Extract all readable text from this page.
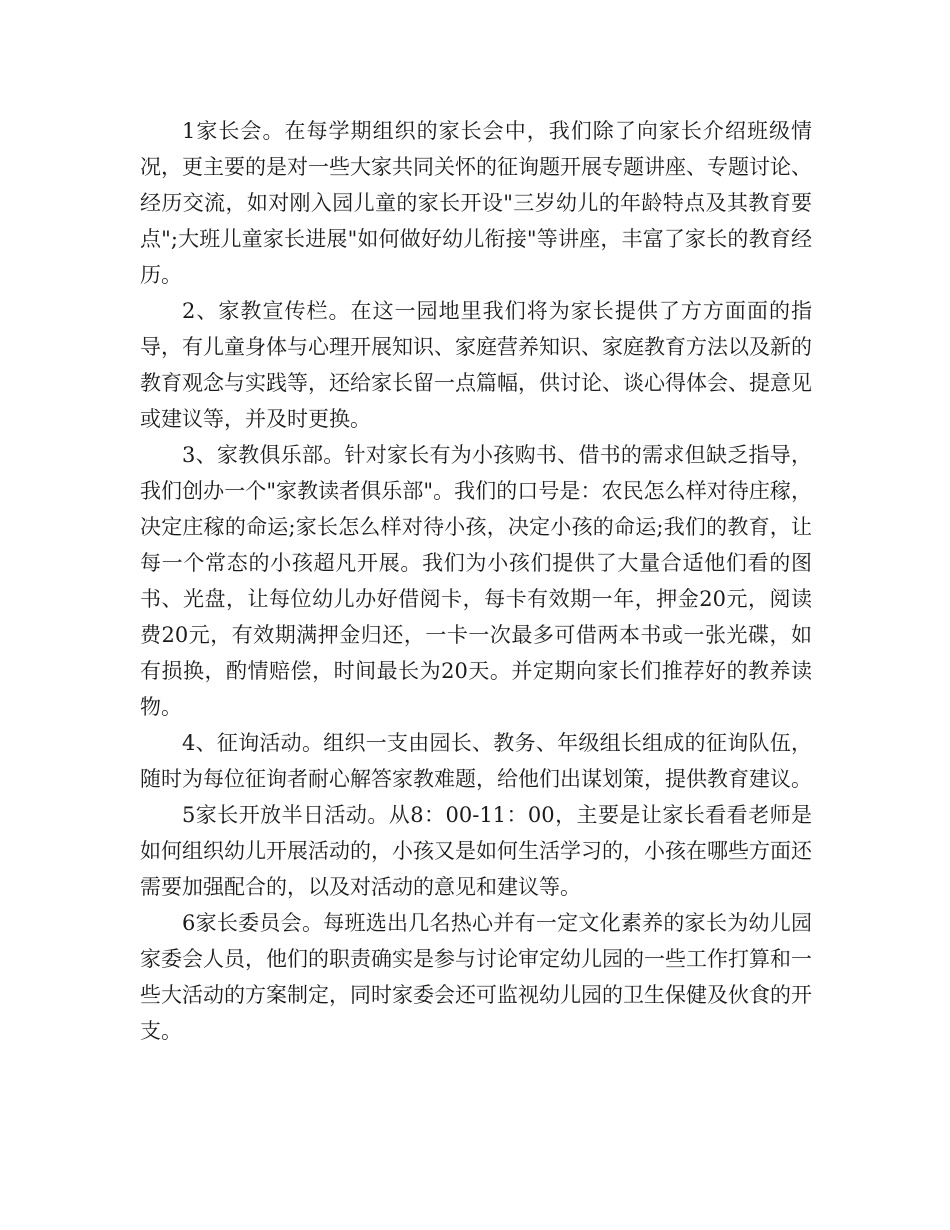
1家长会。在每学期组织的家长会中，我们除了向家长介绍班级情况，更主要的是对一些大家共同关怀的征询题开展专题讲座、专题讨论、经历交流，如对刚入园儿童的家长开设"三岁幼儿的年龄特点及其教育要点";大班儿童家长进展"如何做好幼儿衔接"等讲座，丰富了家长的教育经历。

2、家教宣传栏。在这一园地里我们将为家长提供了方方面面的指导，有儿童身体与心理开展知识、家庭营养知识、家庭教育方法以及新的教育观念与实践等，还给家长留一点篇幅，供讨论、谈心得体会、提意见或建议等，并及时更换。

3、家教俱乐部。针对家长有为小孩购书、借书的需求但缺乏指导，我们创办一个"家教读者俱乐部"。我们的口号是：农民怎么样对待庄稼，决定庄稼的命运;家长怎么样对待小孩，决定小孩的命运;我们的教育，让每一个常态的小孩超凡开展。我们为小孩们提供了大量合适他们看的图书、光盘，让每位幼儿办好借阅卡，每卡有效期一年，押金20元，阅读费20元，有效期满押金归还，一卡一次最多可借两本书或一张光碟，如有损换，酌情赔偿，时间最长为20天。并定期向家长们推荐好的教养读物。

4、征询活动。组织一支由园长、教务、年级组长组成的征询队伍，随时为每位征询者耐心解答家教难题，给他们出谋划策，提供教育建议。

5家长开放半日活动。从8：00-11：00，主要是让家长看看老师是如何组织幼儿开展活动的，小孩又是如何生活学习的，小孩在哪些方面还需要加强配合的，以及对活动的意见和建议等。

6家长委员会。每班选出几名热心并有一定文化素养的家长为幼儿园家委会人员，他们的职责确实是参与讨论审定幼儿园的一些工作打算和一些大活动的方案制定，同时家委会还可监视幼儿园的卫生保健及伙食的开支。
